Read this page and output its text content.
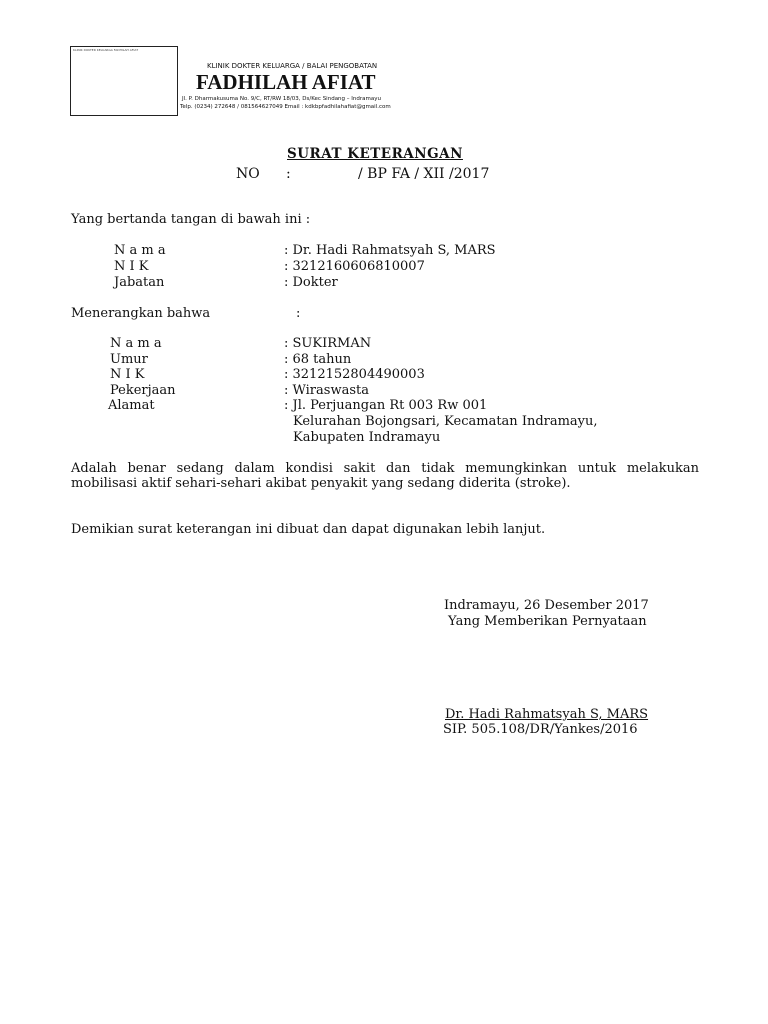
KLINIK DOKTER KELUARGA FADHILAH AFIAT
KLINIK DOKTER KELUARGA / BALAI PENGOBATAN
FADHILAH AFIAT
Jl. P. Dharmakusuma No. 9/C, RT/RW 18/03, Ds/Kec Sindang – Indramayu
Telp. (0234) 272648 / 081564627049 Email : kdkbpfadhilahafiat@gmail.com
SURAT KETERANGAN
NO :	/ BP FA / XII /2017
Yang bertanda tangan di bawah ini :
N a m a	: Dr. Hadi Rahmatsyah S, MARS
N I K	: 3212160606810007
Jabatan	: Dokter
Menerangkan bahwa	:
N a m a	: SUKIRMAN
Umur	: 68 tahun
N I K	: 3212152804490003
Pekerjaan	: Wiraswasta
Alamat	: Jl. Perjuangan Rt 003 Rw 001
Kelurahan Bojongsari, Kecamatan Indramayu,
Kabupaten Indramayu
Adalah benar sedang dalam kondisi sakit dan tidak memungkinkan untuk melakukan mobilisasi aktif sehari-sehari akibat penyakit yang sedang diderita (stroke).
Demikian surat keterangan ini dibuat dan dapat digunakan lebih lanjut.
Indramayu, 26 Desember 2017
Yang Memberikan Pernyataan
Dr. Hadi Rahmatsyah S, MARS
SIP. 505.108/DR/Yankes/2016
